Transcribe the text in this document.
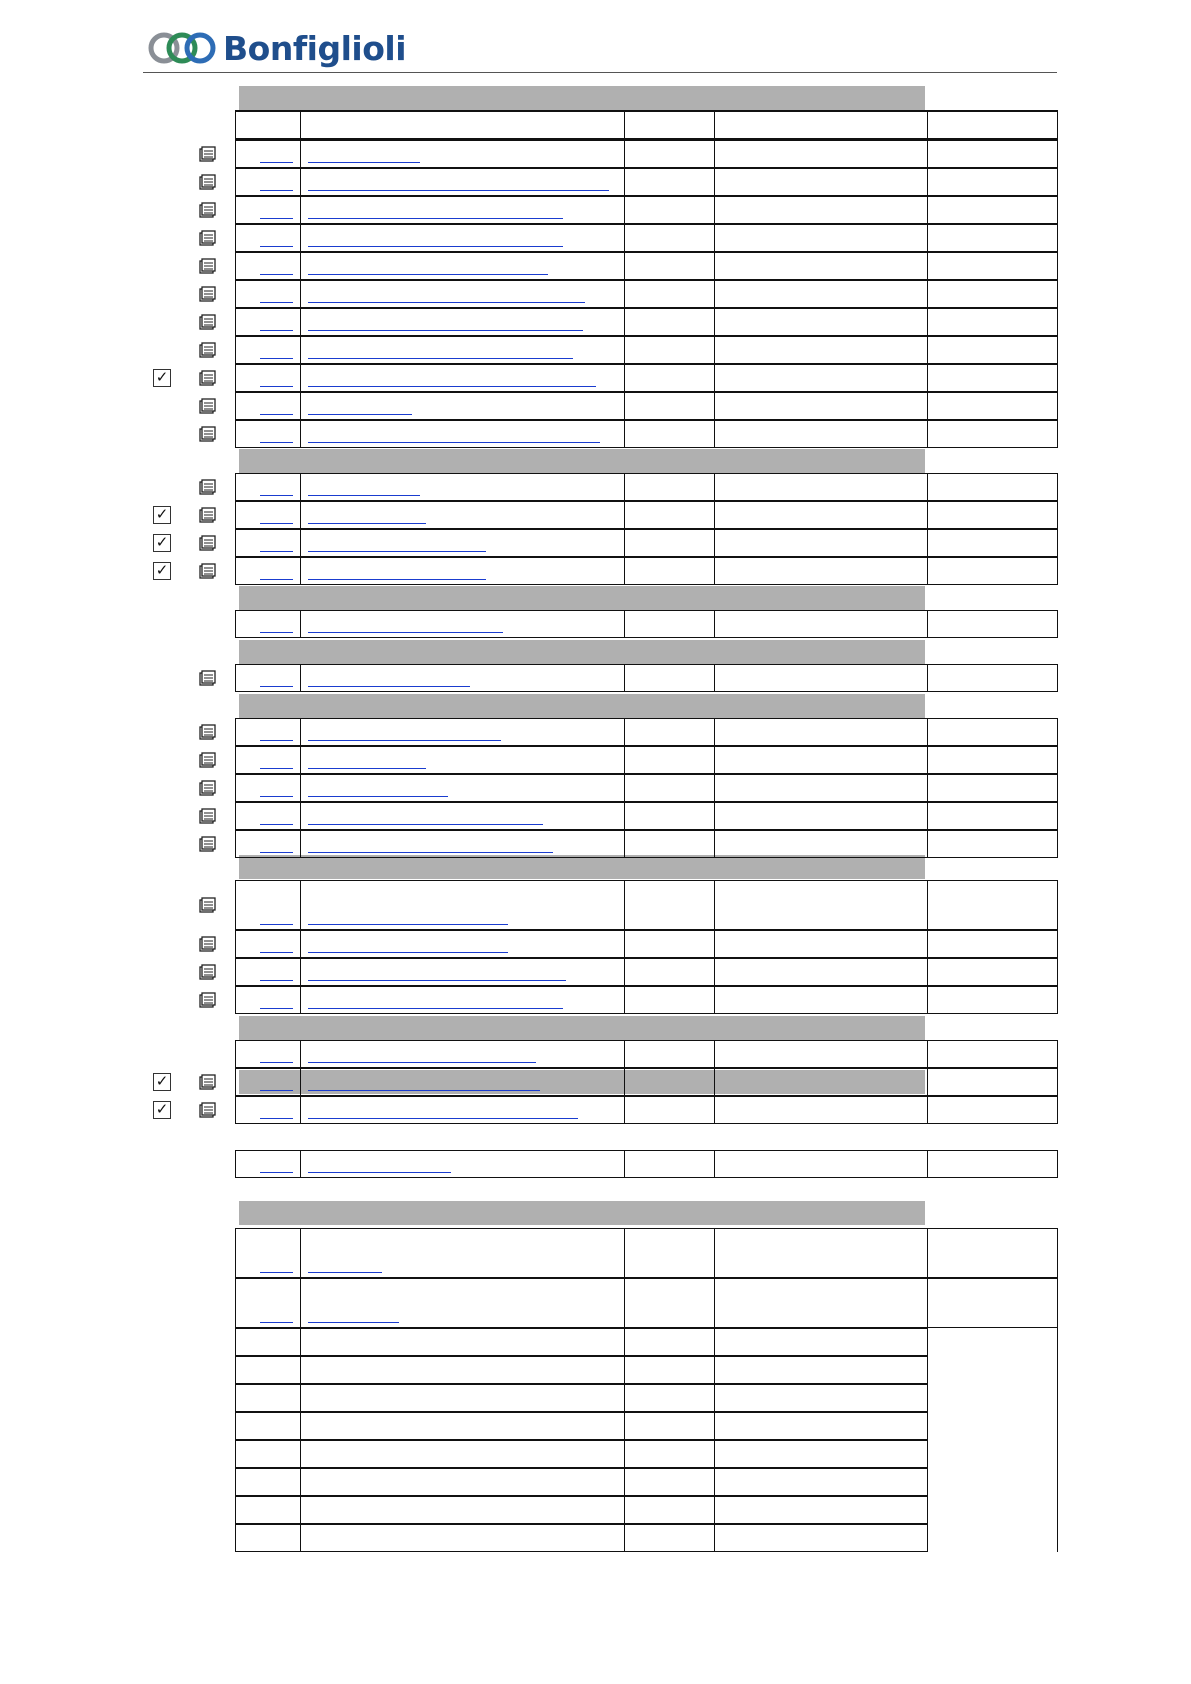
Bonfiglioli
✓
✓
✓
✓
✓
✓
